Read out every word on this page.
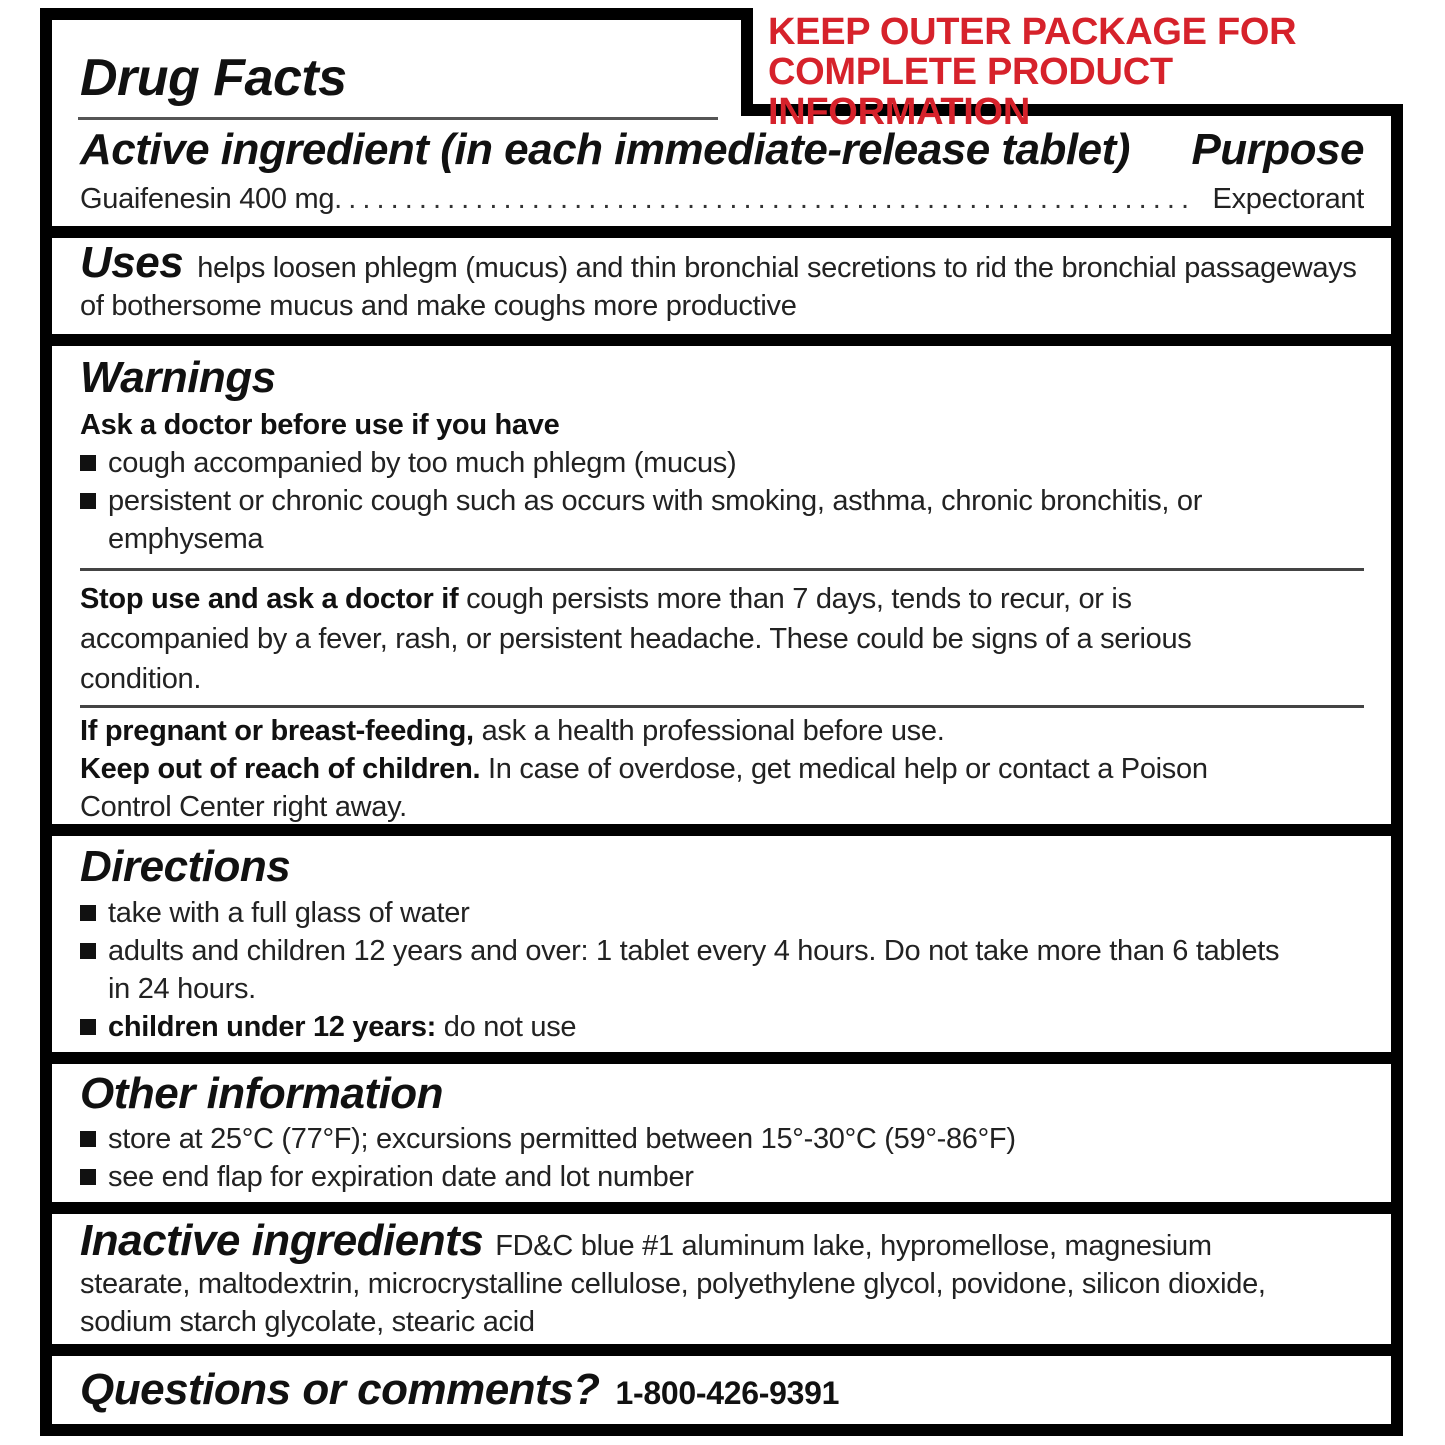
Drug Facts
KEEP OUTER PACKAGE FOR
COMPLETE PRODUCT INFORMATION
Active ingredient (in each immediate-release tablet) Purpose
Guaifenesin 400 mg . . . . . . . . . . . . . . . . . . . . . . . . . . . . . . . . . . . . . . . . . . . . . . . . . . . . . . . . . . . . . Expectorant
Uses helps loosen phlegm (mucus) and thin bronchial secretions to rid the bronchial passageways of bothersome mucus and make coughs more productive
Warnings
Ask a doctor before use if you have
cough accompanied by too much phlegm (mucus)
persistent or chronic cough such as occurs with smoking, asthma, chronic bronchitis, or emphysema
Stop use and ask a doctor if cough persists more than 7 days, tends to recur, or is accompanied by a fever, rash, or persistent headache. These could be signs of a serious condition.
If pregnant or breast-feeding, ask a health professional before use.
Keep out of reach of children. In case of overdose, get medical help or contact a Poison Control Center right away.
Directions
take with a full glass of water
adults and children 12 years and over: 1 tablet every 4 hours. Do not take more than 6 tablets in 24 hours.
children under 12 years: do not use
Other information
store at 25°C (77°F); excursions permitted between 15°-30°C (59°-86°F)
see end flap for expiration date and lot number
Inactive ingredients FD&C blue #1 aluminum lake, hypromellose, magnesium stearate, maltodextrin, microcrystalline cellulose, polyethylene glycol, povidone, silicon dioxide, sodium starch glycolate, stearic acid
Questions or comments? 1-800-426-9391
